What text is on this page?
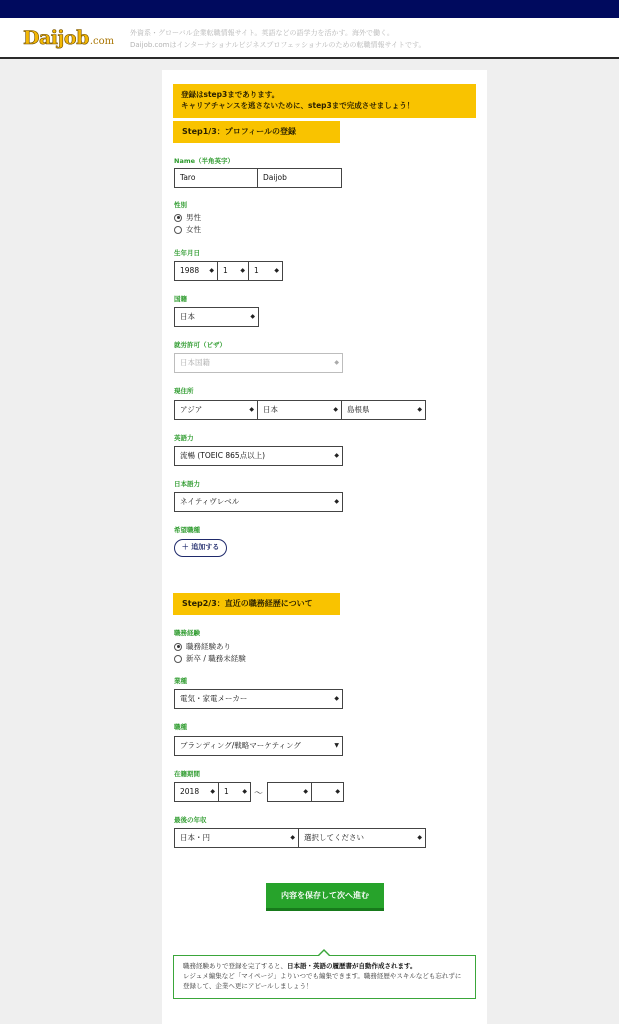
Dai job .com
外資系・グローバル企業転職情報サイト。英語などの語学力を活かす。海外で働く。
Daijob.comはインターナショナルビジネスプロフェッショナルのための転職情報サイトです。
登録はstep3まであります。
キャリアチャンスを逃さないために、step3まで完成させましょう！
Step1/3：プロフィールの登録
Name（半角英字）
Taro	Daijob
性別
男性
女性
生年月日
1988 ◆	1 ◆	1	◆
国籍
日本	◆
就労許可（ビザ）
日本国籍	◆
現住所
アジア	◆	日本	◆	島根県	◆
英語力
流暢 (TOEIC 865点以上)	◆
日本語力
ネイティヴレベル	◆
希望職種
＋ 追加する
Step2/3：直近の職務経歴について
職務経験
職務経験あり
新卒 / 職務未経験
業種
電気・家電メーカー	◆
職種
ブランディング/戦略マーケティング	▼
在籍期間
2018 ◆	1 ◆ 〜	◆	◆
最後の年収
日本・円	◆	選択してください	◆
内容を保存して次へ進む
職務経験ありで登録を完了すると、日本語・英語の履歴書が自動作成されます。
レジュメ編集など「マイページ」よりいつでも編集できます。職務経歴やスキルなども忘れずに登録して、企業へ更にアピールしましょう！
